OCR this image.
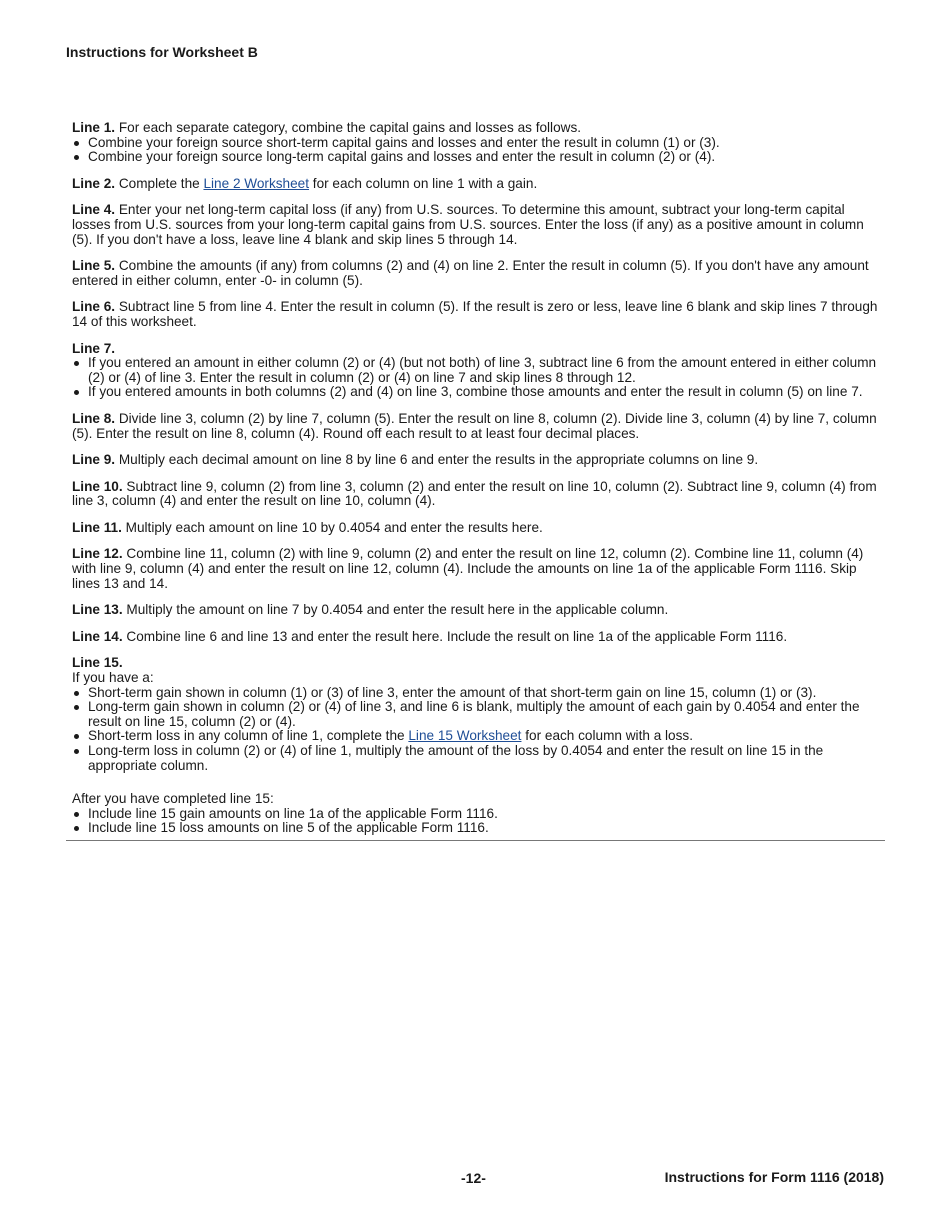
Instructions for Worksheet B
Line 1. For each separate category, combine the capital gains and losses as follows.
Combine your foreign source short-term capital gains and losses and enter the result in column (1) or (3).
Combine your foreign source long-term capital gains and losses and enter the result in column (2) or (4).
Line 2. Complete the Line 2 Worksheet for each column on line 1 with a gain.
Line 4. Enter your net long-term capital loss (if any) from U.S. sources. To determine this amount, subtract your long-term capital losses from U.S. sources from your long-term capital gains from U.S. sources. Enter the loss (if any) as a positive amount in column (5). If you don't have a loss, leave line 4 blank and skip lines 5 through 14.
Line 5. Combine the amounts (if any) from columns (2) and (4) on line 2. Enter the result in column (5). If you don't have any amount entered in either column, enter -0- in column (5).
Line 6. Subtract line 5 from line 4. Enter the result in column (5). If the result is zero or less, leave line 6 blank and skip lines 7 through 14 of this worksheet.
Line 7.
If you entered an amount in either column (2) or (4) (but not both) of line 3, subtract line 6 from the amount entered in either column (2) or (4) of line 3. Enter the result in column (2) or (4) on line 7 and skip lines 8 through 12.
If you entered amounts in both columns (2) and (4) on line 3, combine those amounts and enter the result in column (5) on line 7.
Line 8. Divide line 3, column (2) by line 7, column (5). Enter the result on line 8, column (2). Divide line 3, column (4) by line 7, column (5). Enter the result on line 8, column (4). Round off each result to at least four decimal places.
Line 9. Multiply each decimal amount on line 8 by line 6 and enter the results in the appropriate columns on line 9.
Line 10. Subtract line 9, column (2) from line 3, column (2) and enter the result on line 10, column (2). Subtract line 9, column (4) from line 3, column (4) and enter the result on line 10, column (4).
Line 11. Multiply each amount on line 10 by 0.4054 and enter the results here.
Line 12. Combine line 11, column (2) with line 9, column (2) and enter the result on line 12, column (2). Combine line 11, column (4) with line 9, column (4) and enter the result on line 12, column (4). Include the amounts on line 1a of the applicable Form 1116. Skip lines 13 and 14.
Line 13. Multiply the amount on line 7 by 0.4054 and enter the result here in the applicable column.
Line 14. Combine line 6 and line 13 and enter the result here. Include the result on line 1a of the applicable Form 1116.
Line 15.
If you have a:
Short-term gain shown in column (1) or (3) of line 3, enter the amount of that short-term gain on line 15, column (1) or (3).
Long-term gain shown in column (2) or (4) of line 3, and line 6 is blank, multiply the amount of each gain by 0.4054 and enter the result on line 15, column (2) or (4).
Short-term loss in any column of line 1, complete the Line 15 Worksheet for each column with a loss.
Long-term loss in column (2) or (4) of line 1, multiply the amount of the loss by 0.4054 and enter the result on line 15 in the appropriate column.
After you have completed line 15:
Include line 15 gain amounts on line 1a of the applicable Form 1116.
Include line 15 loss amounts on line 5 of the applicable Form 1116.
-12-	Instructions for Form 1116 (2018)
